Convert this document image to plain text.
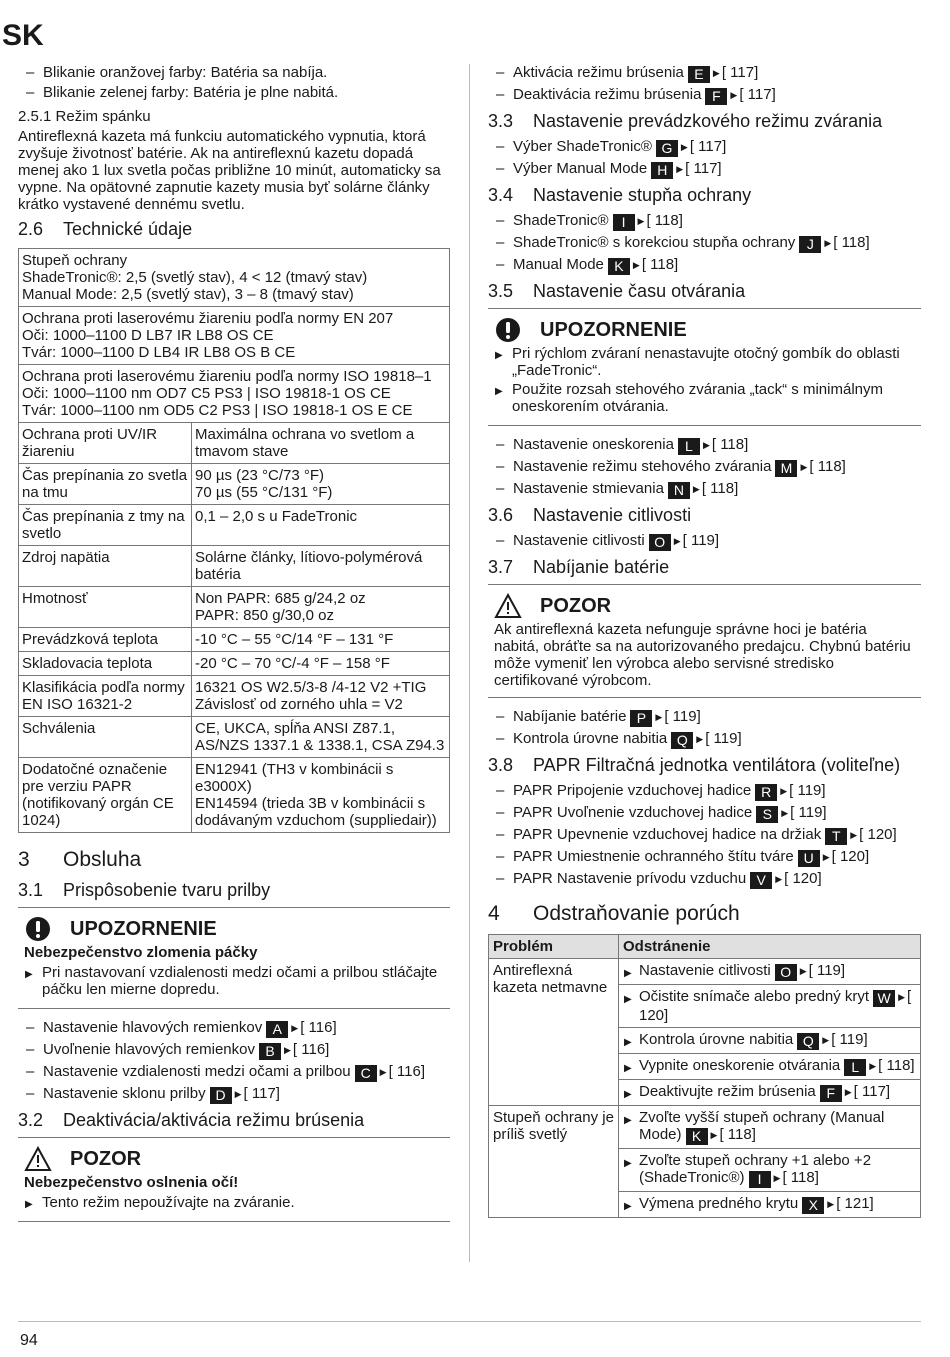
SK
– Blikanie oranžovej farby: Batéria sa nabíja.
– Blikanie zelenej farby: Batéria je plne nabitá.
2.5.1 Režim spánku

Antireflexná kazeta má funkciu automatického vypnutia, ktorá zvyšuje životnosť batérie. Ak na antireflexnú kazetu dopadá menej ako 1 lux svetla počas približne 10 minút, automaticky sa vypne. Na opätovné zapnutie kazety musia byť solárne články krátko vystavené dennému svetlu.

2.6 Technické údaje
Stupeň ochrany
ShadeTronic®: 2,5 (svetlý stav), 4 < 12 (tmavý stav)
Manual Mode: 2,5 (svetlý stav), 3 – 8 (tmavý stav)	

Ochrana proti laserovému žiareniu podľa normy EN 207
Oči: 1000–1100 D LB7 IR LB8 OS CE
Tvár: 1000–1100 D LB4 IR LB8 OS B CE	

Ochrana proti laserovému žiareniu podľa normy ISO 19818–1
Oči: 1000–1100 nm OD7 C5 PS3 | ISO 19818-1 OS CE
Tvár: 1000–1100 nm OD5 C2 PS3 | ISO 19818-1 OS E CE	

Ochrana proti UV/IR žiareniu	Maximálna ochrana vo svetlom a tmavom stave
Čas prepínania zo svetla na tmu	90 µs (23 °C/73 °F)
70 µs (55 °C/131 °F)
Čas prepínania z tmy na svetlo	0,1 – 2,0 s u FadeTronic
Zdroj napätia	Solárne články, lítiovo-polymérová batéria
Hmotnosť	Non PAPR: 685 g/24,2 oz
PAPR: 850 g/30,0 oz
Prevádzková teplota	-10 °C – 55 °C/14 °F – 131 °F
Skladovacia teplota	-20 °C – 70 °C/-4 °F – 158 °F
Klasifikácia podľa normy EN ISO 16321-2	16321 OS W2.5/3-8 /4-12 V2 +TIG
Závislosť od zorného uhla = V2
Schválenia	CE, UKCA, spĺňa ANSI Z87.1, AS/NZS 1337.1 & 1338.1, CSA Z94.3
Dodatočné označenie pre verziu PAPR (notifikovaný orgán CE 1024)	EN12941 (TH3 v kombinácii s e3000X)
EN14594 (trieda 3B v kombinácii s dodávaným vzduchom (suppliedair))
3 Obsluha
3.1 Prispôsobenie tvaru prilby
UPOZORNENIE
Nebezpečenstvo zlomenia páčky
▶ Pri nastavovaní vzdialenosti medzi očami a prilbou stláčajte páčku len mierne dopredu.
– Nastavenie hlavových remienkov A ▶ [ 116]
– Uvoľnenie hlavových remienkov B ▶ [ 116]
– Nastavenie vzdialenosti medzi očami a prilbou C ▶ [ 116]
– Nastavenie sklonu prilby D ▶ [ 117]
3.2 Deaktivácia/aktivácia režimu brúsenia
POZOR
Nebezpečenstvo oslnenia očí!
▶ Tento režim nepoužívajte na zváranie.
– Aktivácia režimu brúsenia E ▶ [ 117]
– Deaktivácia režimu brúsenia F ▶ [ 117]
3.3 Nastavenie prevádzkového režimu zvárania
– Výber ShadeTronic® G ▶ [ 117]
– Výber Manual Mode H ▶ [ 117]
3.4 Nastavenie stupňa ochrany
– ShadeTronic® I ▶ [ 118]
– ShadeTronic® s korekciou stupňa ochrany J ▶ [ 118]
– Manual Mode K ▶ [ 118]
3.5 Nastavenie času otvárania
UPOZORNENIE
▶ Pri rýchlom zváraní nenastavujte otočný gombík do oblasti „FadeTronic“.
▶ Použite rozsah stehového zvárania „tack“ s minimálnym oneskorením otvárania.
– Nastavenie oneskorenia L ▶ [ 118]
– Nastavenie režimu stehového zvárania M ▶ [ 118]
– Nastavenie stmievania N ▶ [ 118]
3.6 Nastavenie citlivosti
– Nastavenie citlivosti O ▶ [ 119]
3.7 Nabíjanie batérie
POZOR

Ak antireflexná kazeta nefunguje správne hoci je batéria nabitá, obráťte sa na autorizovaného predajcu. Chybnú batériu môže vymeniť len výrobca alebo servisné stredisko certifikované výrobcom.

– Nabíjanie batérie P ▶ [ 119]
– Kontrola úrovne nabitia Q ▶ [ 119]
3.8 PAPR Filtračná jednotka ventilátora (voliteľne)
– PAPR Pripojenie vzduchovej hadice R ▶ [ 119]
– PAPR Uvoľnenie vzduchovej hadice S ▶ [ 119]
– PAPR Upevnenie vzduchovej hadice na držiak T ▶ [ 120]
– PAPR Umiestnenie ochranného štítu tváre U ▶ [ 120]
– PAPR Nastavenie prívodu vzduchu V ▶ [ 120]
4 Odstraňovanie porúch
Problém	Odstránenie
Antireflexná kazeta netmavne	▶ Nastavenie citlivosti O ▶ [ 119]
	▶ Očistite snímače alebo predný kryt W ▶ [ 120]
	▶ Kontrola úrovne nabitia Q ▶ [ 119]
	▶ Vypnite oneskorenie otvárania L ▶ [ 118]
	▶ Deaktivujte režim brúsenia F ▶ [ 117]
Stupeň ochrany je príliš svetlý	▶ Zvoľte vyšší stupeň ochrany (Manual Mode) K ▶ [ 118]
	▶ Zvoľte stupeň ochrany +1 alebo +2 (ShadeTronic®) I ▶ [ 118]
	▶ Výmena predného krytu X ▶ [ 121]
94
